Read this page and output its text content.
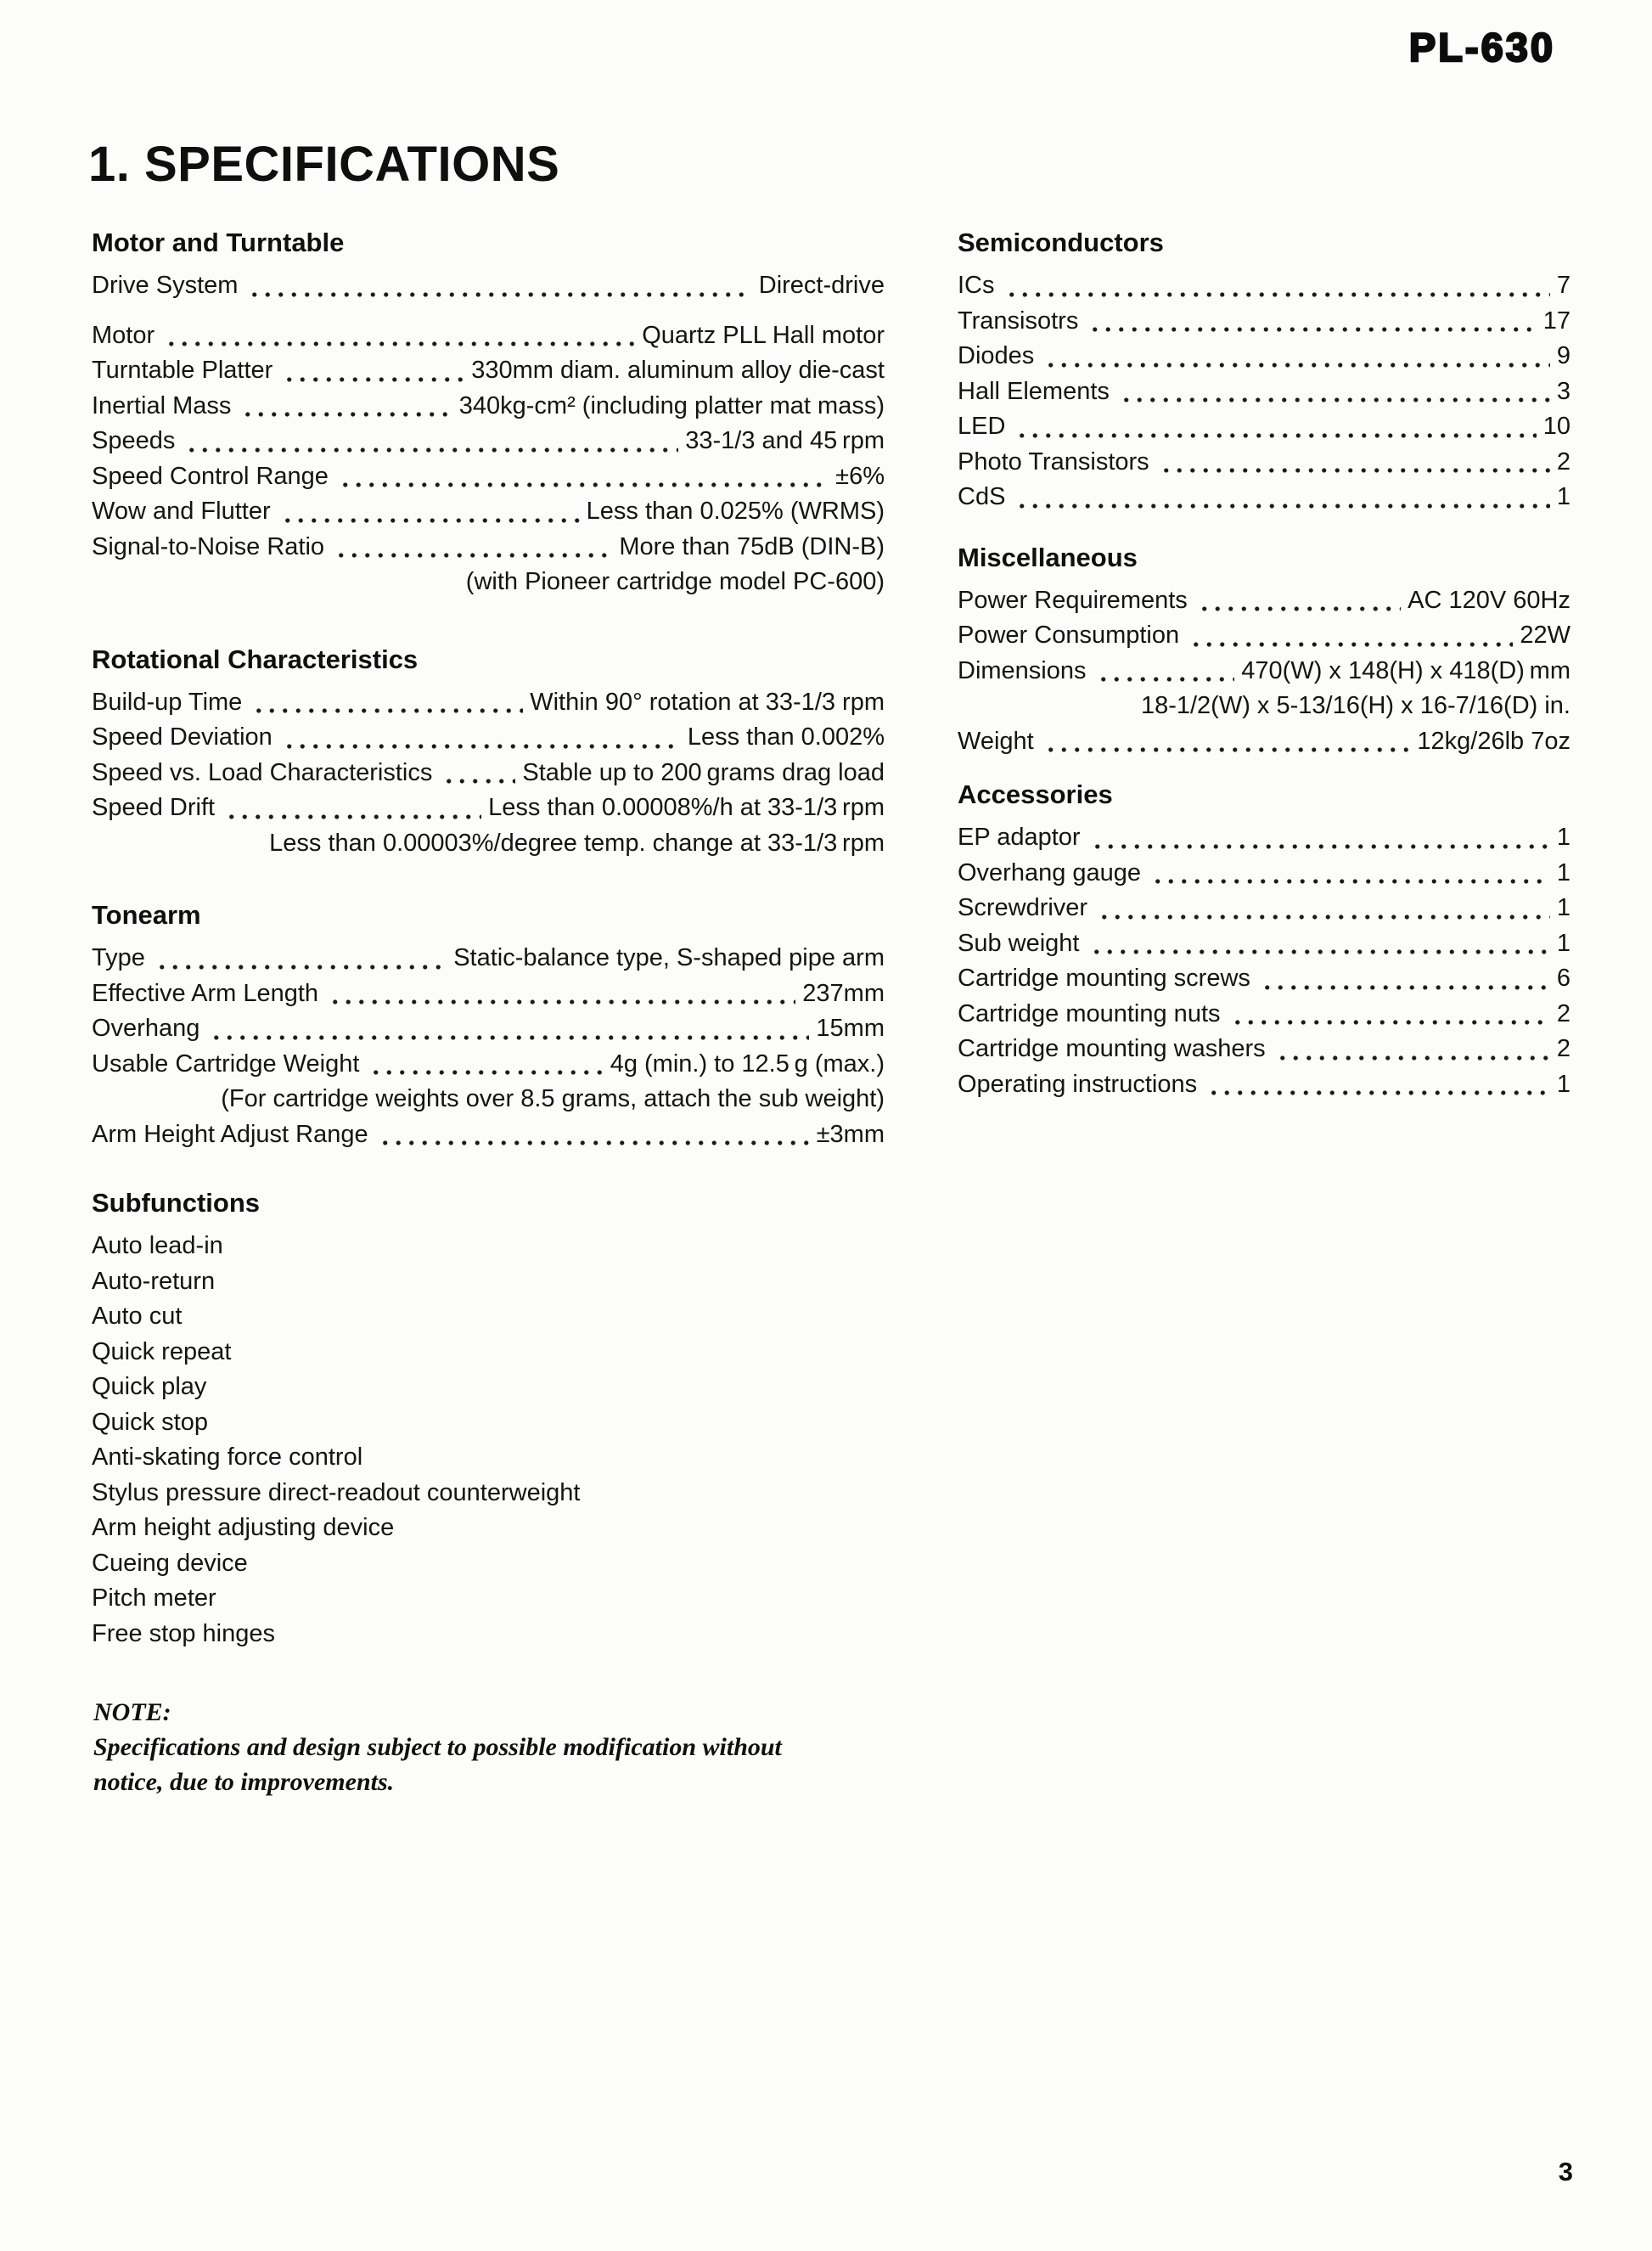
PL-630
1. SPECIFICATIONS
Motor and Turntable
Drive System	Direct-drive
Motor	Quartz PLL Hall motor
Turntable Platter	330mm diam. aluminum alloy die-cast
Inertial Mass	340kg-cm² (including platter mat mass)
Speeds	33-1/3 and 45 rpm
Speed Control Range	±6%
Wow and Flutter	Less than 0.025% (WRMS)
Signal-to-Noise Ratio	More than 75dB (DIN-B)
(with Pioneer cartridge model PC-600)
Rotational Characteristics
Build-up Time	Within 90° rotation at 33-1/3 rpm
Speed Deviation	Less than 0.002%
Speed vs. Load Characteristics	Stable up to 200 grams drag load
Speed Drift	Less than 0.00008%/h at 33-1/3 rpm
Less than 0.00003%/degree temp. change at 33-1/3 rpm
Tonearm
Type	Static-balance type, S-shaped pipe arm
Effective Arm Length	237mm
Overhang	15mm
Usable Cartridge Weight	4g (min.) to 12.5 g (max.)
(For cartridge weights over 8.5 grams, attach the sub weight)
Arm Height Adjust Range	±3mm
Subfunctions
Auto lead-in
Auto-return
Auto cut
Quick repeat
Quick play
Quick stop
Anti-skating force control
Stylus pressure direct-readout counterweight
Arm height adjusting device
Cueing device
Pitch meter
Free stop hinges
Semiconductors
ICs	7
Transisotrs	17
Diodes	9
Hall Elements	3
LED	10
Photo Transistors	2
CdS	1
Miscellaneous
Power Requirements	AC 120V 60Hz
Power Consumption	22W
Dimensions	470(W) x 148(H) x 418(D) mm
18-1/2(W) x 5-13/16(H) x 16-7/16(D) in.
Weight	12kg/26lb 7oz
Accessories
EP adaptor	1
Overhang gauge	1
Screwdriver	1
Sub weight	1
Cartridge mounting screws	6
Cartridge mounting nuts	2
Cartridge mounting washers	2
Operating instructions	1
NOTE:
Specifications and design subject to possible modification without
notice, due to improvements.
3
